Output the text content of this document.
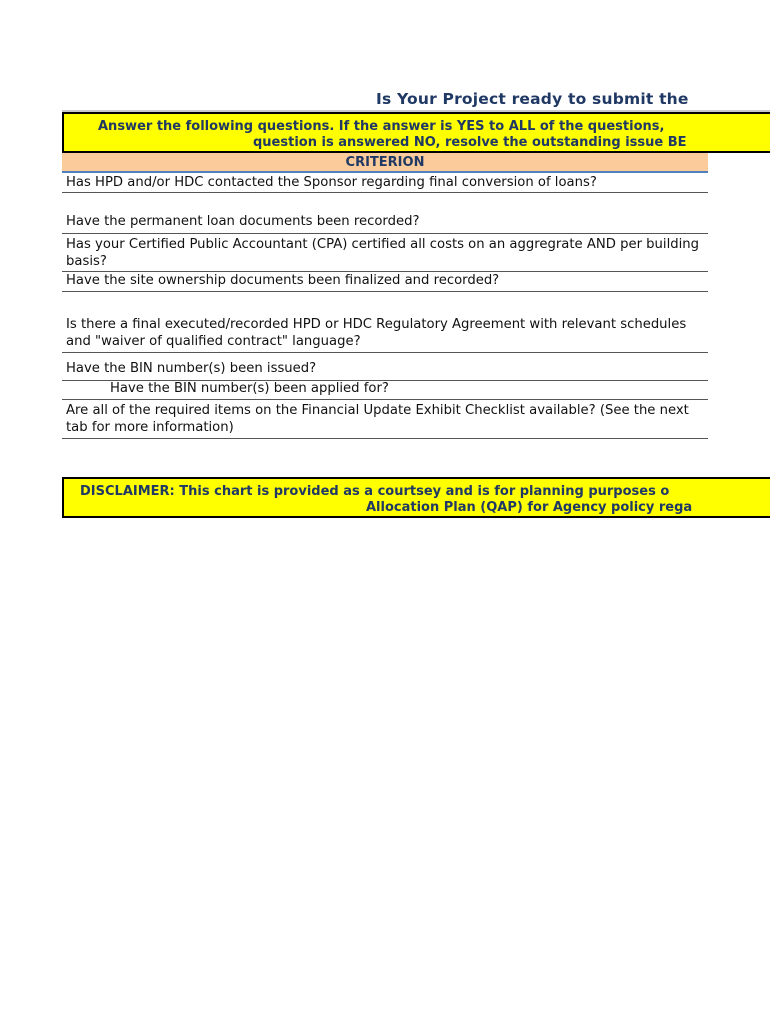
Is Your Project ready to submit the
Answer the following questions. If the answer is YES to ALL of the questions,
question is answered NO, resolve the outstanding issue BE
CRITERION
Has HPD and/or HDC contacted the Sponsor regarding final conversion of loans?
Have the permanent loan documents been recorded?
Has your Certified Public Accountant (CPA) certified all costs on an aggregrate AND per building basis?
Have the site ownership documents been finalized and recorded?
Is there a final executed/recorded HPD or HDC Regulatory Agreement with relevant schedules and "waiver of qualified contract" language?
Have the BIN number(s) been issued?
Have the BIN number(s) been applied for?
Are all of the required items on the Financial Update Exhibit Checklist available? (See the next tab for more information)
DISCLAIMER: This chart is provided as a courtsey and is for planning purposes o
Allocation Plan (QAP) for Agency policy rega
